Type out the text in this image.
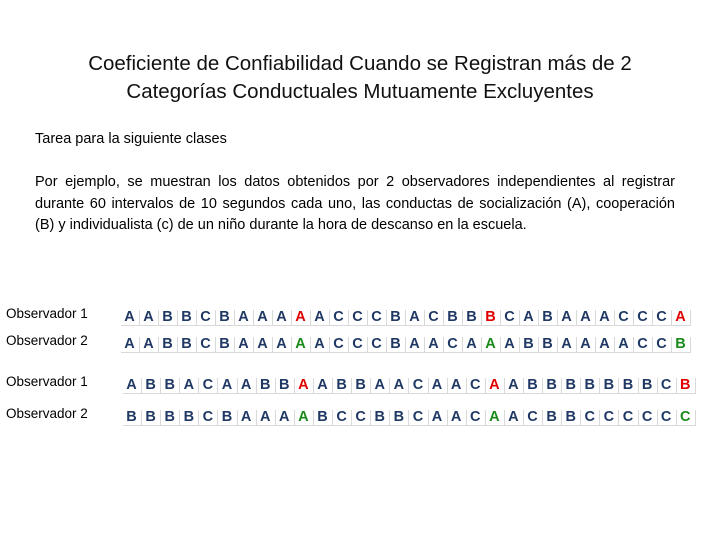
Coeficiente de Confiabilidad Cuando se Registran más de 2
Categorías Conductuales Mutuamente Excluyentes
Tarea para la siguiente clases
Por ejemplo, se muestran los datos obtenidos por 2 observadores independientes al registrar durante 60 intervalos de 10 segundos cada uno, las conductas de socialización (A), cooperación (B) y individualista (c) de un niño durante la hora de descanso en la escuela.
Observador 1	A A B B C B A A A A A C C C B A C B B B C A B A A A C C C A
Observador 2	A A B B C B A A A A A C C C B A A C A A A B B A A A A C C B
Observador 1	A B B A C A A B B A A B B A A C A A C A A B B B B B B B C B
Observador 2	B B B B C B A A A A B C C B B C A A C A A C B B C C C C C C
